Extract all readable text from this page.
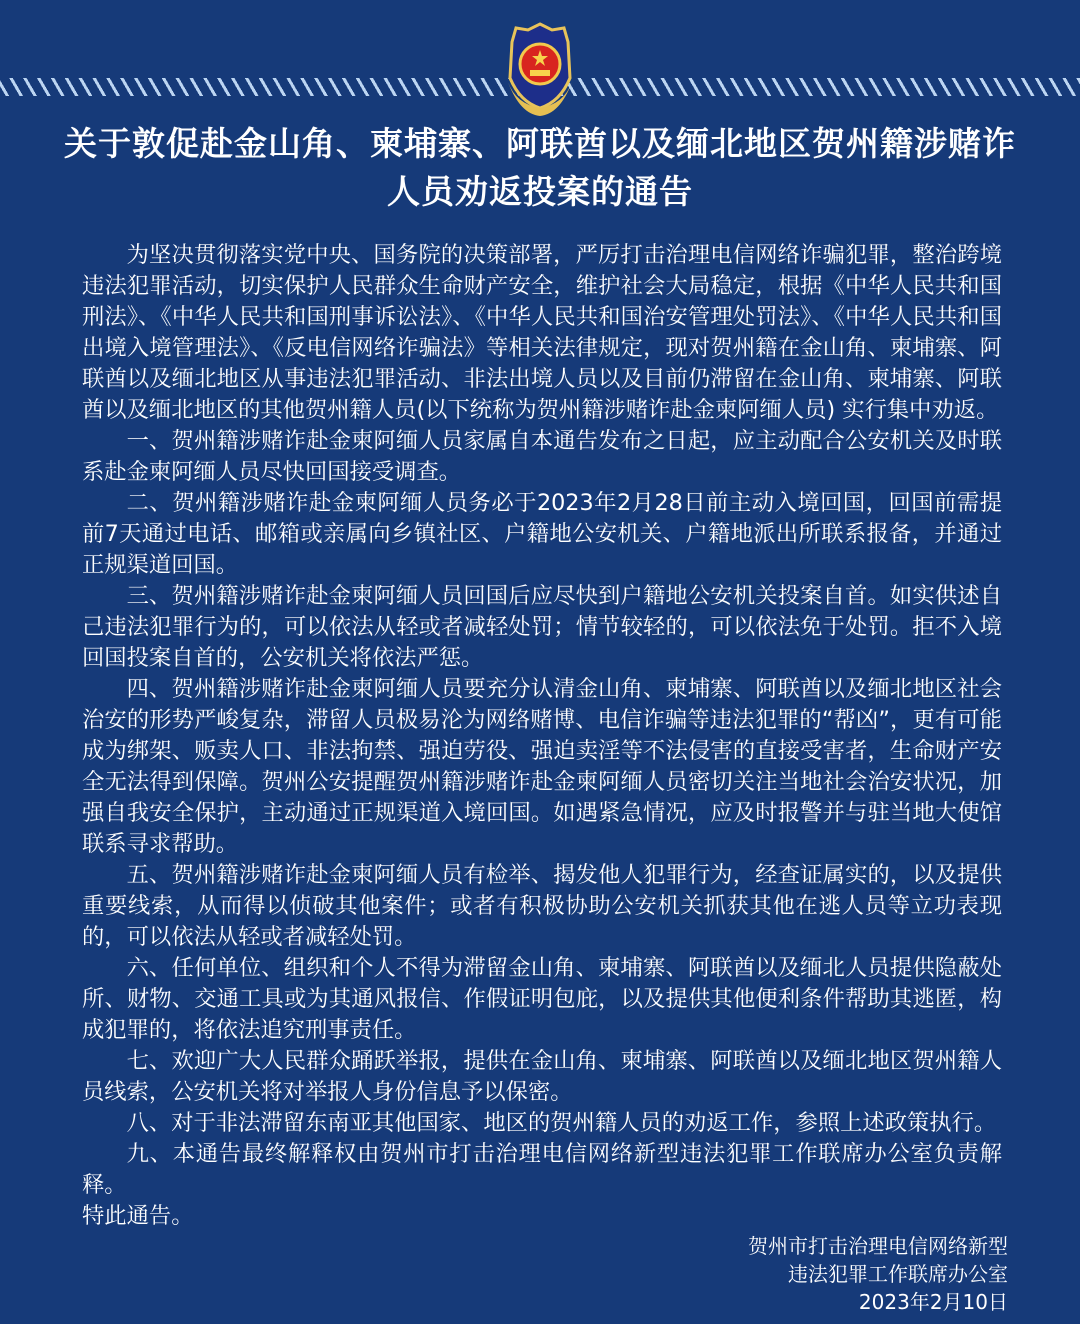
关于敦促赴金山角、柬埔寨、阿联酋以及缅北地区贺州籍涉赌诈人员劝返投案的通告

为坚决贯彻落实党中央、国务院的决策部署，严厉打击治理电信网络诈骗犯罪，整治跨境违法犯罪活动，切实保护人民群众生命财产安全，维护社会大局稳定，根据《中华人民共和国刑法》、《中华人民共和国刑事诉讼法》、《中华人民共和国治安管理处罚法》、《中华人民共和国出境入境管理法》、《反电信网络诈骗法》等相关法律规定，现对贺州籍在金山角、柬埔寨、阿联酋以及缅北地区从事违法犯罪活动、非法出境人员以及目前仍滞留在金山角、柬埔寨、阿联酋以及缅北地区的其他贺州籍人员(以下统称为贺州籍涉赌诈赴金柬阿缅人员) 实行集中劝返。

一、贺州籍涉赌诈赴金柬阿缅人员家属自本通告发布之日起，应主动配合公安机关及时联系赴金柬阿缅人员尽快回国接受调查。

二、贺州籍涉赌诈赴金柬阿缅人员务必于2023年2月28日前主动入境回国，回国前需提前7天通过电话、邮箱或亲属向乡镇社区、户籍地公安机关、户籍地派出所联系报备，并通过正规渠道回国。

三、贺州籍涉赌诈赴金柬阿缅人员回国后应尽快到户籍地公安机关投案自首。如实供述自己违法犯罪行为的，可以依法从轻或者减轻处罚；情节较轻的，可以依法免于处罚。拒不入境回国投案自首的，公安机关将依法严惩。

四、贺州籍涉赌诈赴金柬阿缅人员要充分认清金山角、柬埔寨、阿联酋以及缅北地区社会治安的形势严峻复杂，滞留人员极易沦为网络赌博、电信诈骗等违法犯罪的“帮凶”，更有可能成为绑架、贩卖人口、非法拘禁、强迫劳役、强迫卖淫等不法侵害的直接受害者，生命财产安全无法得到保障。贺州公安提醒贺州籍涉赌诈赴金柬阿缅人员密切关注当地社会治安状况，加强自我安全保护，主动通过正规渠道入境回国。如遇紧急情况，应及时报警并与驻当地大使馆联系寻求帮助。

五、贺州籍涉赌诈赴金柬阿缅人员有检举、揭发他人犯罪行为，经查证属实的，以及提供重要线索，从而得以侦破其他案件；或者有积极协助公安机关抓获其他在逃人员等立功表现的，可以依法从轻或者减轻处罚。

六、任何单位、组织和个人不得为滞留金山角、柬埔寨、阿联酋以及缅北人员提供隐蔽处所、财物、交通工具或为其通风报信、作假证明包庇，以及提供其他便利条件帮助其逃匿，构成犯罪的，将依法追究刑事责任。

七、欢迎广大人民群众踊跃举报，提供在金山角、柬埔寨、阿联酋以及缅北地区贺州籍人员线索，公安机关将对举报人身份信息予以保密。

八、对于非法滞留东南亚其他国家、地区的贺州籍人员的劝返工作，参照上述政策执行。

九、本通告最终解释权由贺州市打击治理电信网络新型违法犯罪工作联席办公室负责解释。

特此通告。

贺州市打击治理电信网络新型
违法犯罪工作联席办公室
2023年2月10日
